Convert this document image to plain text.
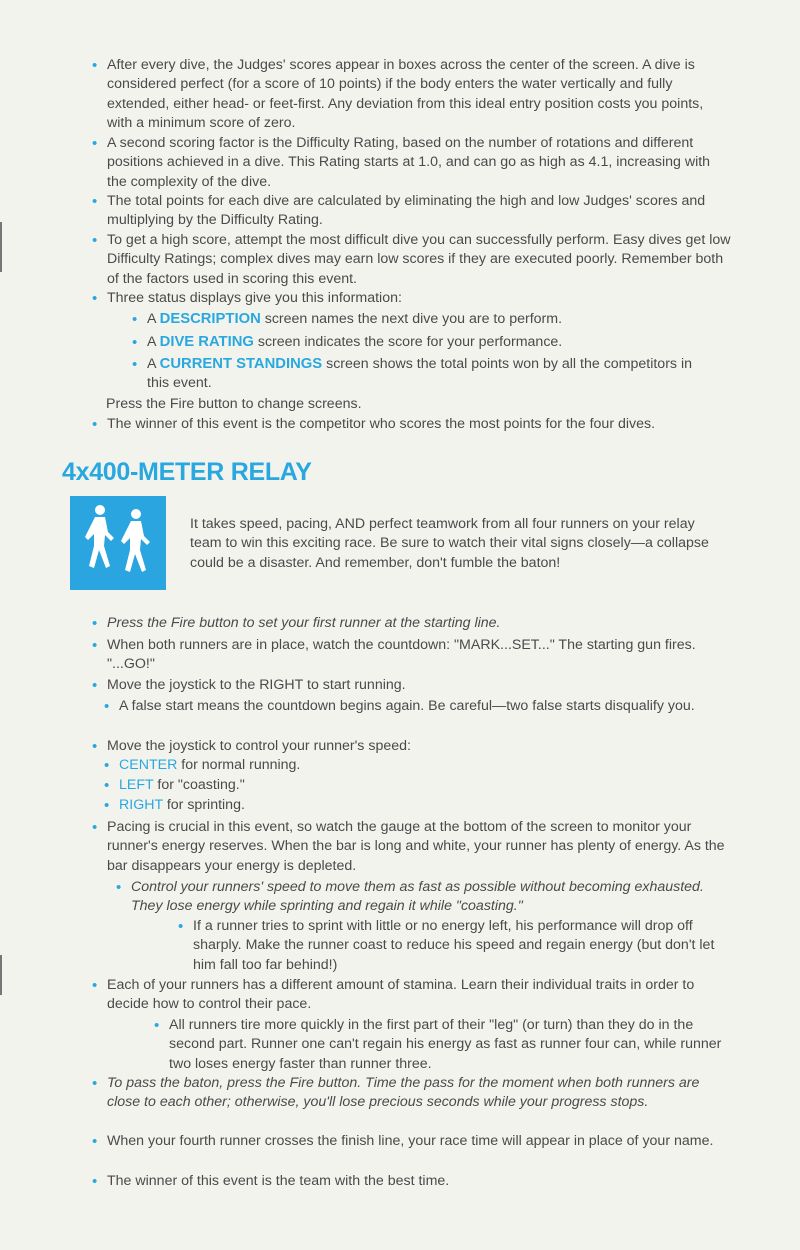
•
After every dive, the Judges' scores appear in boxes across the center of the screen. A dive is considered perfect (for a score of 10 points) if the body enters the water vertically and fully extended, either head- or feet-first. Any deviation from this ideal entry position costs you points, with a minimum score of zero.
•
A second scoring factor is the Difficulty Rating, based on the number of rotations and different positions achieved in a dive. This Rating starts at 1.0, and can go as high as 4.1, increasing with the complexity of the dive.
•
The total points for each dive are calculated by eliminating the high and low Judges' scores and multiplying by the Difficulty Rating.
•
To get a high score, attempt the most difficult dive you can successfully perform. Easy dives get low Difficulty Ratings; complex dives may earn low scores if they are executed poorly. Remember both of the factors used in scoring this event.
•
Three status displays give you this information:
•
A DESCRIPTION screen names the next dive you are to perform.
•
A DIVE RATING screen indicates the score for your performance.
•
A CURRENT STANDINGS screen shows the total points won by all the competitors in this event.
Press the Fire button to change screens.
•
The winner of this event is the competitor who scores the most points for the four dives.
4x400-METER RELAY
It takes speed, pacing, AND perfect teamwork from all four runners on your relay team to win this exciting race. Be sure to watch their vital signs closely—a collapse could be a disaster. And remember, don't fumble the baton!
•
Press the Fire button to set your first runner at the starting line.
•
When both runners are in place, watch the countdown: "MARK...SET..." The starting gun fires. "...GO!"
•
Move the joystick to the RIGHT to start running.
•
A false start means the countdown begins again. Be careful—two false starts disqualify you.
•
Move the joystick to control your runner's speed:
•
CENTER for normal running.
•
LEFT for "coasting."
•
RIGHT for sprinting.
•
Pacing is crucial in this event, so watch the gauge at the bottom of the screen to monitor your runner's energy reserves. When the bar is long and white, your runner has plenty of energy. As the bar disappears your energy is depleted.
•
Control your runners' speed to move them as fast as possible without becoming exhausted. They lose energy while sprinting and regain it while "coasting."
•
If a runner tries to sprint with little or no energy left, his performance will drop off sharply. Make the runner coast to reduce his speed and regain energy (but don't let him fall too far behind!)
•
Each of your runners has a different amount of stamina. Learn their individual traits in order to decide how to control their pace.
•
All runners tire more quickly in the first part of their "leg" (or turn) than they do in the second part. Runner one can't regain his energy as fast as runner four can, while runner two loses energy faster than runner three.
•
To pass the baton, press the Fire button. Time the pass for the moment when both runners are close to each other; otherwise, you'll lose precious seconds while your progress stops.
•
When your fourth runner crosses the finish line, your race time will appear in place of your name.
•
The winner of this event is the team with the best time.
